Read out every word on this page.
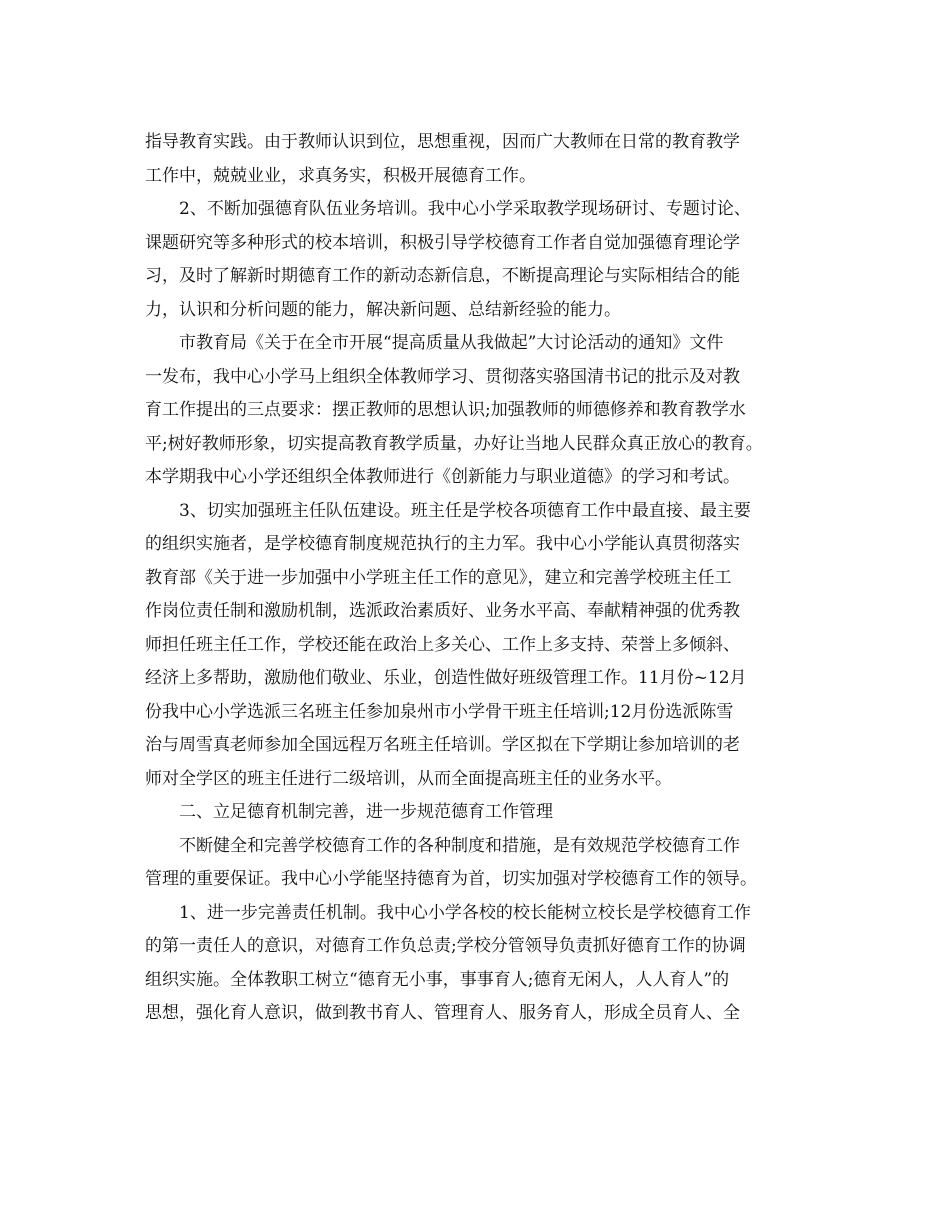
指导教育实践。由于教师认识到位，思想重视，因而广大教师在日常的教育教学
工作中，兢兢业业，求真务实，积极开展德育工作。
2、不断加强德育队伍业务培训。我中心小学采取教学现场研讨、专题讨论、
课题研究等多种形式的校本培训，积极引导学校德育工作者自觉加强德育理论学
习，及时了解新时期德育工作的新动态新信息，不断提高理论与实际相结合的能
力，认识和分析问题的能力，解决新问题、总结新经验的能力。
市教育局《关于在全市开展“提高质量从我做起”大讨论活动的通知》文件
一发布，我中心小学马上组织全体教师学习、贯彻落实骆国清书记的批示及对教
育工作提出的三点要求：摆正教师的思想认识;加强教师的师德修养和教育教学水
平;树好教师形象，切实提高教育教学质量，办好让当地人民群众真正放心的教育。
本学期我中心小学还组织全体教师进行《创新能力与职业道德》的学习和考试。
3、切实加强班主任队伍建设。班主任是学校各项德育工作中最直接、最主要
的组织实施者，是学校德育制度规范执行的主力军。我中心小学能认真贯彻落实
教育部《关于进一步加强中小学班主任工作的意见》，建立和完善学校班主任工
作岗位责任制和激励机制，选派政治素质好、业务水平高、奉献精神强的优秀教
师担任班主任工作，学校还能在政治上多关心、工作上多支持、荣誉上多倾斜、
经济上多帮助，激励他们敬业、乐业，创造性做好班级管理工作。11月份~12月
份我中心小学选派三名班主任参加泉州市小学骨干班主任培训;12月份选派陈雪
治与周雪真老师参加全国远程万名班主任培训。学区拟在下学期让参加培训的老
师对全学区的班主任进行二级培训，从而全面提高班主任的业务水平。
二、立足德育机制完善，进一步规范德育工作管理
不断健全和完善学校德育工作的各种制度和措施，是有效规范学校德育工作
管理的重要保证。我中心小学能坚持德育为首，切实加强对学校德育工作的领导。
1、进一步完善责任机制。我中心小学各校的校长能树立校长是学校德育工作
的第一责任人的意识，对德育工作负总责;学校分管领导负责抓好德育工作的协调
组织实施。全体教职工树立“德育无小事，事事育人;德育无闲人，人人育人”的
思想，强化育人意识，做到教书育人、管理育人、服务育人，形成全员育人、全
